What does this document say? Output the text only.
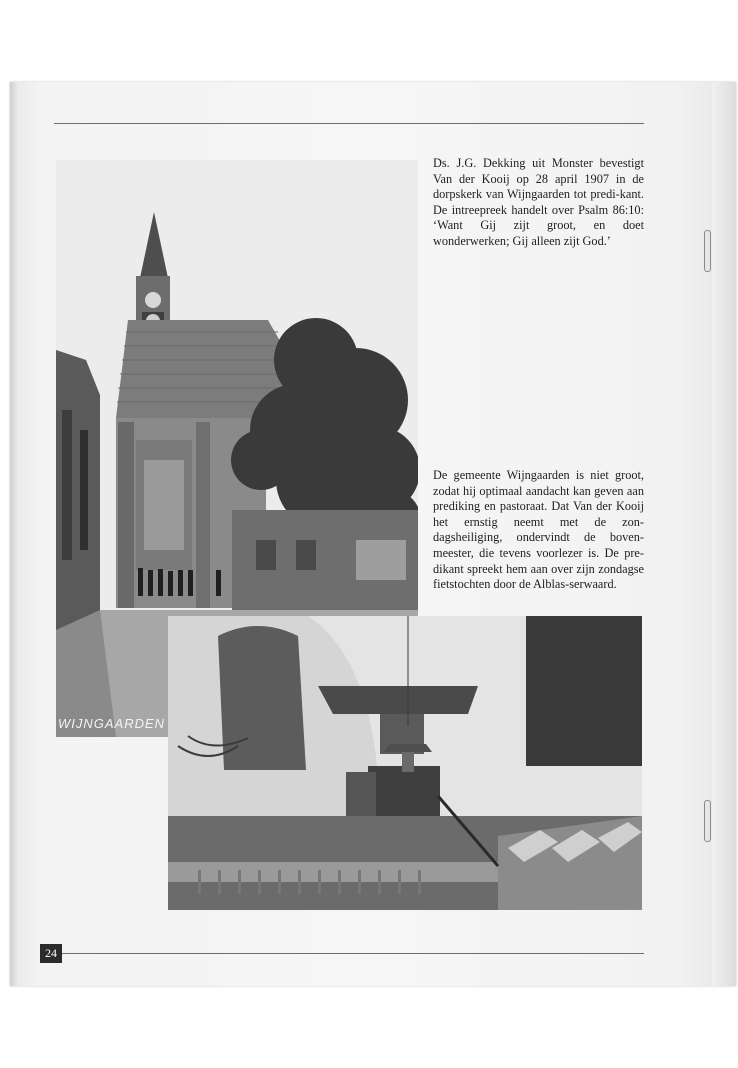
WIJNGAARDEN
Ds. J.G. Dekking uit Monster bevestigt Van der Kooij op 28 april 1907 in de dorpskerk van Wijngaarden tot predi-kant. De intreepreek handelt over Psalm 86:10: ‘Want Gij zijt groot, en doet wonderwerken; Gij alleen zijt God.’
De gemeente Wijngaarden is niet groot, zodat hij optimaal aandacht kan geven aan prediking en pastoraat. Dat Van der Kooij het ernstig neemt met de zon-dagsheiliging, ondervindt de boven-meester, die tevens voorlezer is. De pre-dikant spreekt hem aan over zijn zondagse fietstochten door de Alblas-serwaard.
24
